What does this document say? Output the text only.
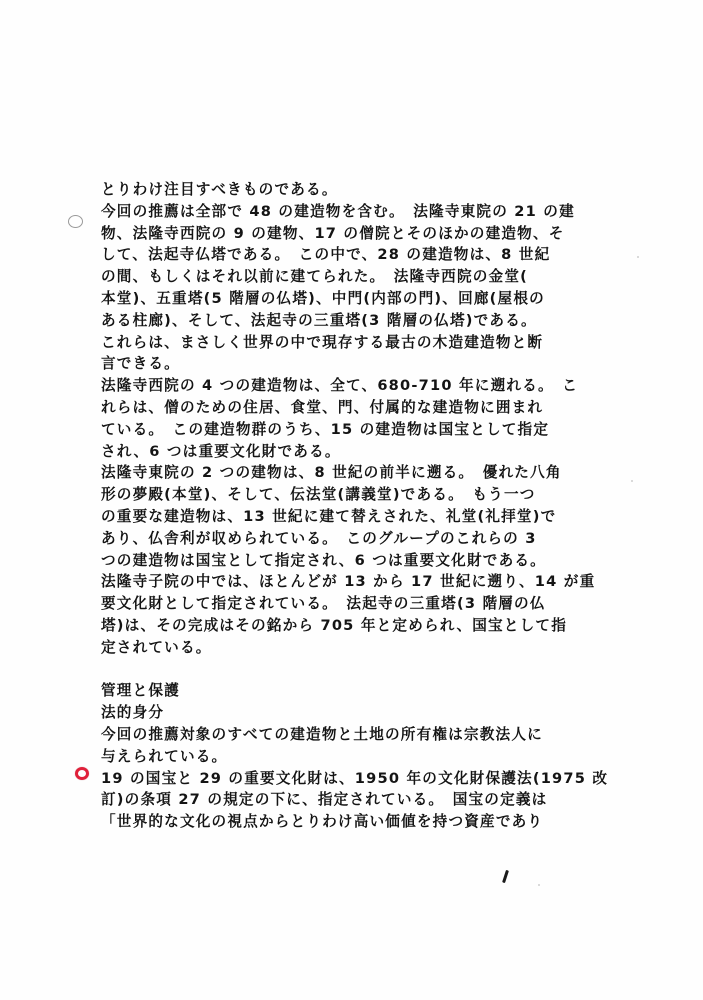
とりわけ注目すべきものである。
今回の推薦は全部で 48 の建造物を含む。　法隆寺東院の 21 の建
物、法隆寺西院の 9 の建物、17 の僧院とそのほかの建造物、そ
して、法起寺仏塔である。　この中で、28 の建造物は、8 世紀
の間、もしくはそれ以前に建てられた。　法隆寺西院の金堂(
本堂)、五重塔(5 階層の仏塔)、中門(内部の門)、回廊(屋根の
ある柱廊)、そして、法起寺の三重塔(3 階層の仏塔)である。
これらは、まさしく世界の中で現存する最古の木造建造物と断
言できる。
法隆寺西院の 4 つの建造物は、全て、680-710 年に遡れる。　こ
れらは、僧のための住居、食堂、門、付属的な建造物に囲まれ
ている。　この建造物群のうち、15 の建造物は国宝として指定
され、6 つは重要文化財である。
法隆寺東院の 2 つの建物は、8 世紀の前半に遡る。　優れた八角
形の夢殿(本堂)、そして、伝法堂(講義堂)である。　もう一つ
の重要な建造物は、13 世紀に建て替えされた、礼堂(礼拝堂)で
あり、仏舎利が収められている。　このグループのこれらの 3
つの建造物は国宝として指定され、6 つは重要文化財である。
法隆寺子院の中では、ほとんどが 13 から 17 世紀に遡り、14 が重
要文化財として指定されている。　法起寺の三重塔(3 階層の仏
塔)は、その完成はその銘から 705 年と定められ、国宝として指
定されている。
管理と保護
法的身分
今回の推薦対象のすべての建造物と土地の所有権は宗教法人に
与えられている。
19 の国宝と 29 の重要文化財は、1950 年の文化財保護法(1975 改
訂)の条項 27 の規定の下に、指定されている。　国宝の定義は
「世界的な文化の視点からとりわけ高い価値を持つ資産であり
